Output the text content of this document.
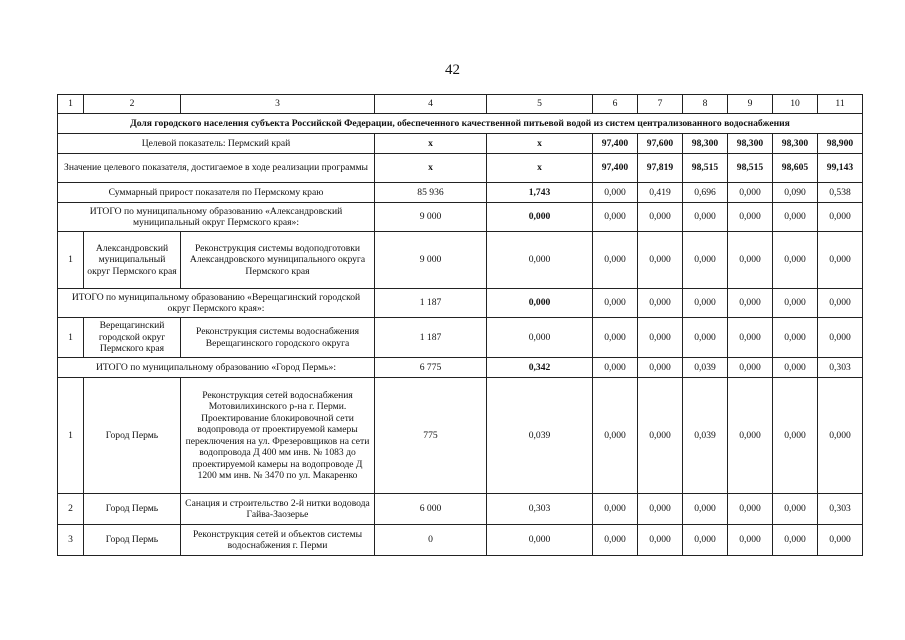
42
1	2	3	4	5	6	7	8	9	10	11
Доля городского населения субъекта Российской Федерации, обеспеченного качественной питьевой водой из систем централизованного водоснабжения										
Целевой показатель: Пермский край			x	x	97,400	97,600	98,300	98,300	98,300	98,900
Значение целевого показателя, достигаемое в ходе реализации программы			x	x	97,400	97,819	98,515	98,515	98,605	99,143
Суммарный прирост показателя по Пермскому краю			85 936	1,743	0,000	0,419	0,696	0,000	0,090	0,538
ИТОГО по муниципальному образованию «Александровский муниципальный округ Пермского края»:			9 000	0,000	0,000	0,000	0,000	0,000	0,000	0,000
1	Александровский муниципальный округ Пермского края	Реконструкция системы водоподготовки Александровского муниципального округа Пермского края	9 000	0,000	0,000	0,000	0,000	0,000	0,000	0,000
ИТОГО по муниципальному образованию «Верещагинский городской округ Пермского края»:			1 187	0,000	0,000	0,000	0,000	0,000	0,000	0,000
1	Верещагинский городской округ Пермского края	Реконструкция системы водоснабжения Верещагинского городского округа	1 187	0,000	0,000	0,000	0,000	0,000	0,000	0,000
ИТОГО по муниципальному образованию «Город Пермь»:			6 775	0,342	0,000	0,000	0,039	0,000	0,000	0,303
1	Город Пермь	Реконструкция сетей водоснабжения Мотовилихинского р-на г. Перми. Проектирование блокировочной сети водопровода от проектируемой камеры переключения на ул. Фрезеровщиков на сети водопровода Д 400 мм инв. № 1083 до проектируемой камеры на водопроводе Д 1200 мм инв. № 3470 по ул. Макаренко	775	0,039	0,000	0,000	0,039	0,000	0,000	0,000
2	Город Пермь	Санация и строительство 2-й нитки водовода Гайва-Заозерье	6 000	0,303	0,000	0,000	0,000	0,000	0,000	0,303
3	Город Пермь	Реконструкция сетей и объектов системы водоснабжения г. Перми	0	0,000	0,000	0,000	0,000	0,000	0,000	0,000
